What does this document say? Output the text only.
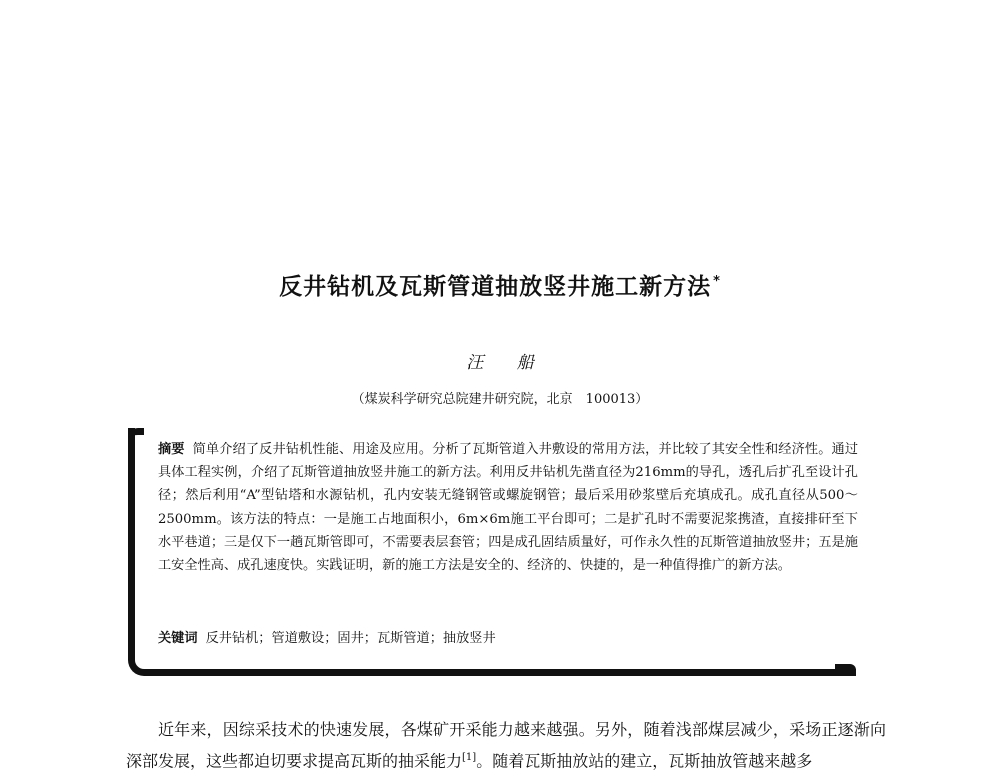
反井钻机及瓦斯管道抽放竖井施工新方法 *
汪 船
（煤炭科学研究总院建井研究院，北京　100013）
摘要 简单介绍了反井钻机性能、用途及应用。分析了瓦斯管道入井敷设的常用方法，并比较了其安全性和经济性。通过具体工程实例，介绍了瓦斯管道抽放竖井施工的新方法。利用反井钻机先凿直径为216mm的导孔，透孔后扩孔至设计孔径；然后利用“A”型钻塔和水源钻机，孔内安装无缝钢管或螺旋钢管；最后采用砂浆壁后充填成孔。成孔直径从500～2500mm。该方法的特点：一是施工占地面积小，6m×6m施工平台即可；二是扩孔时不需要泥浆携渣，直接排矸至下水平巷道；三是仅下一趟瓦斯管即可，不需要表层套管；四是成孔固结质量好，可作永久性的瓦斯管道抽放竖井；五是施工安全性高、成孔速度快。实践证明，新的施工方法是安全的、经济的、快捷的，是一种值得推广的新方法。
关键词 反井钻机；管道敷设；固井；瓦斯管道；抽放竖井
近年来，因综采技术的快速发展，各煤矿开采能力越来越强。另外，随着浅部煤层减少，采场正逐渐向深部发展，这些都迫切要求提高瓦斯的抽采能力[1]。随着瓦斯抽放站的建立，瓦斯抽放管越来越多
